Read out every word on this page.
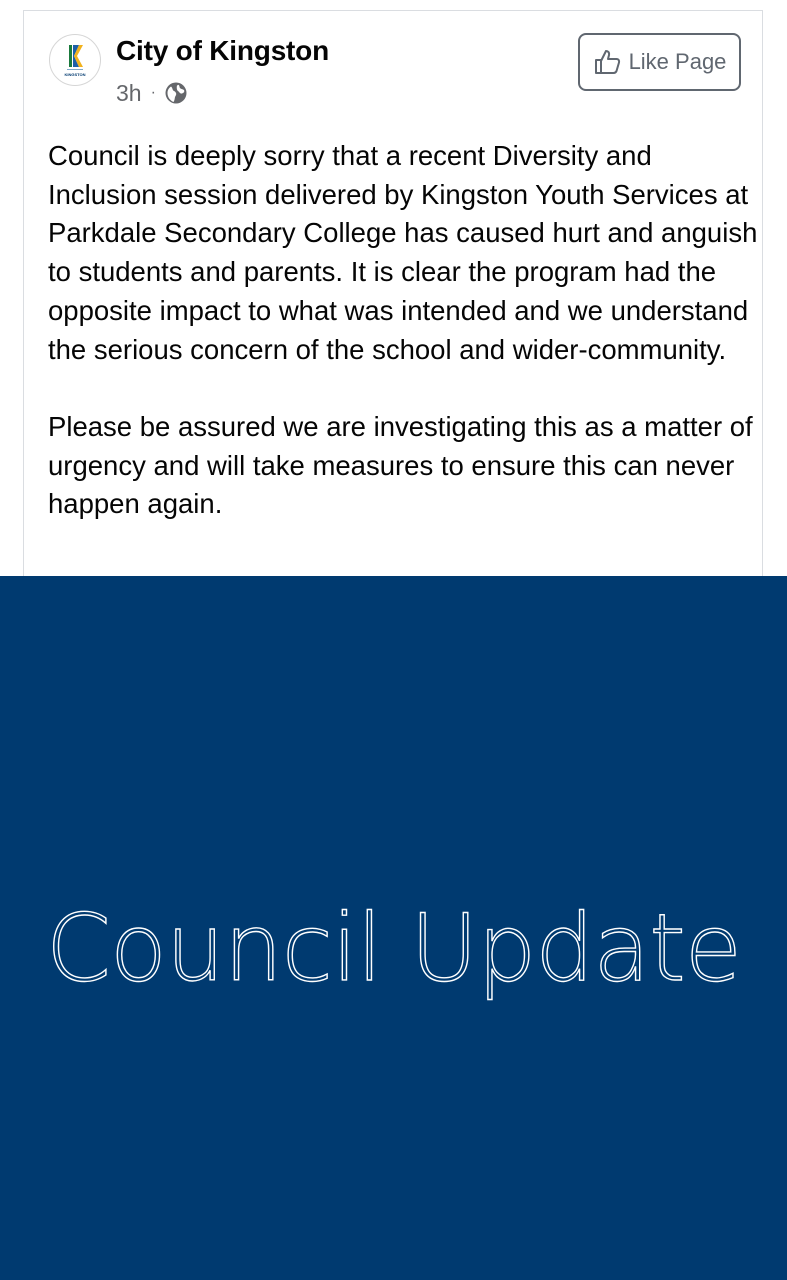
KINGSTON
City of Kingston
3h ·
Like Page

Council is deeply sorry that a recent Diversity and Inclusion session delivered by Kingston Youth Services at Parkdale Secondary College has caused hurt and anguish to students and parents. It is clear the program had the opposite impact to what was intended and we understand the serious concern of the school and wider-community.

Please be assured we are investigating this as a matter of urgency and will take measures to ensure this can never happen again.

Council Update
